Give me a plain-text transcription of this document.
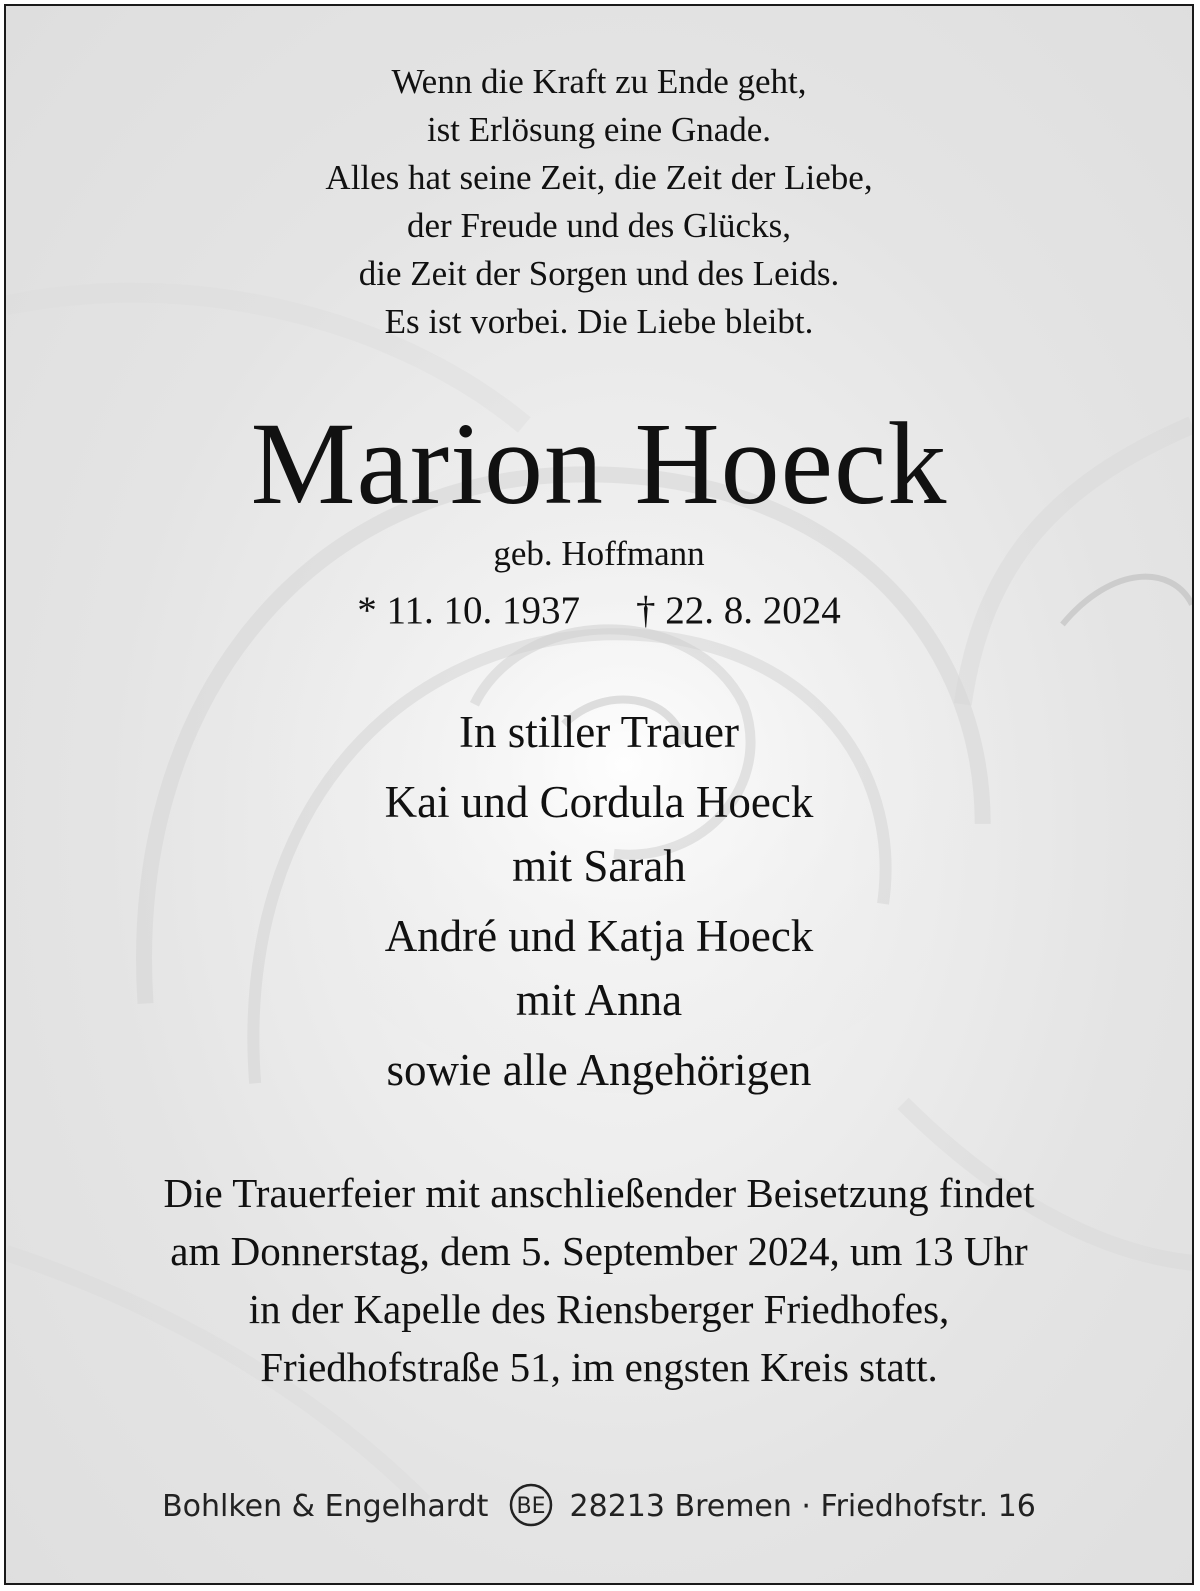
Wenn die Kraft zu Ende geht,
ist Erlösung eine Gnade.
Alles hat seine Zeit, die Zeit der Liebe,
der Freude und des Glücks,
die Zeit der Sorgen und des Leids.
Es ist vorbei. Die Liebe bleibt.
Marion Hoeck
geb. Hoffmann
* 11. 10. 1937 † 22. 8. 2024
In stiller Trauer
Kai und Cordula Hoeck
mit Sarah
André und Katja Hoeck
mit Anna
sowie alle Angehörigen
Die Trauerfeier mit anschließender Beisetzung findet
am Donnerstag, dem 5. September 2024, um 13 Uhr
in der Kapelle des Riensberger Friedhofes,
Friedhofstraße 51, im engsten Kreis statt.
Bohlken & Engelhardt BE 28213 Bremen · Friedhofstr. 16
